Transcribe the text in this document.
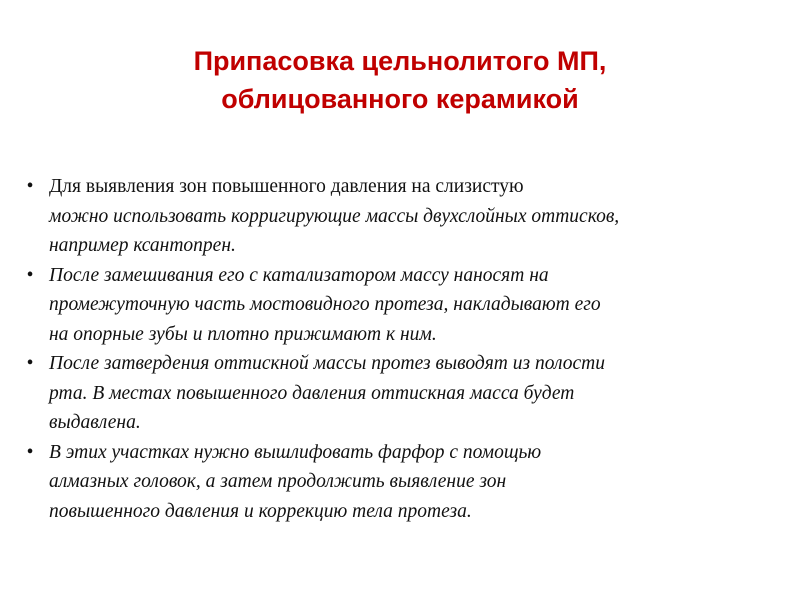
Припасовка цельнолитого МП,
облицованного керамикой
• Для выявления зон повышенного давления на слизистую
можно использовать корригирующие массы двухслойных оттисков,
например ксантопрен.
• После замешивания его с катализатором массу наносят на
промежуточную часть мостовидного протеза, накладывают его
на опорные зубы и плотно прижимают к ним.
• После затвердения оттискной массы протез выводят из полости
рта. В местах повышенного давления оттискная масса будет
выдавлена.
• В этих участках нужно вышлифовать фарфор с помощью
алмазных головок, а затем продолжить выявление зон
повышенного давления и коррекцию тела протеза.
